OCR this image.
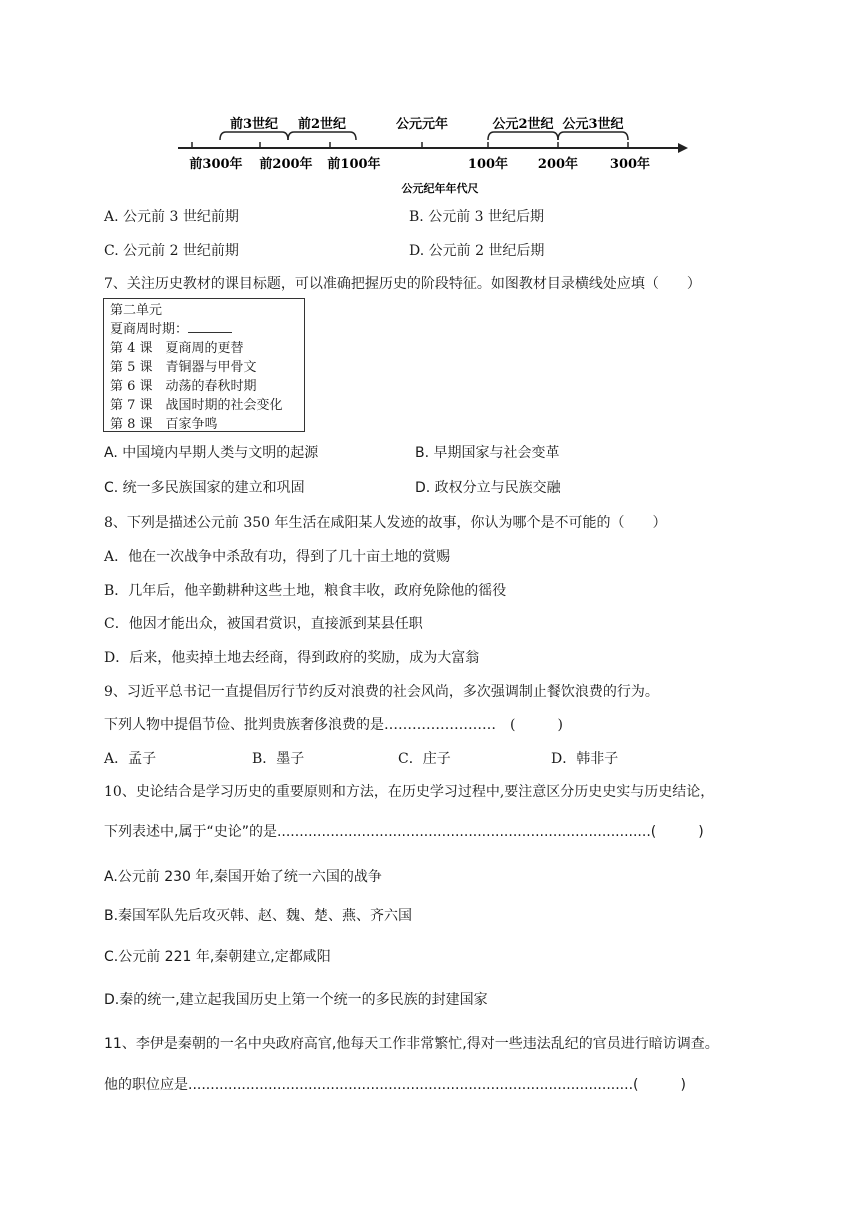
前3世纪 前2世纪	公元元年	公元2世纪 公元3世纪
前300年 前200年 前100年	100年 200年 300年
公元纪年年代尺
A. 公元前 3 世纪前期	B. 公元前 3 世纪后期
C. 公元前 2 世纪前期	D. 公元前 2 世纪后期
7、关注历史教材的课目标题，可以准确把握历史的阶段特征。如图教材目录横线处应填（　　）
第二单元
夏商周时期：
第 4 课　夏商周的更替
第 5 课　青铜器与甲骨文
第 6 课　动荡的春秋时期
第 7 课　战国时期的社会变化
第 8 课　百家争鸣
A. 中国境内早期人类与文明的起源	B. 早期国家与社会变革
C. 统一多民族国家的建立和巩固	D. 政权分立与民族交融
8、下列是描述公元前 350 年生活在咸阳某人发迹的故事，你认为哪个是不可能的（　　）
A．他在一次战争中杀敌有功，得到了几十亩土地的赏赐
B．几年后，他辛勤耕种这些土地，粮食丰收，政府免除他的徭役
C．他因才能出众，被国君赏识，直接派到某县任职
D．后来，他卖掉土地去经商，得到政府的奖励，成为大富翁
9、习近平总书记一直提倡厉行节约反对浪费的社会风尚，多次强调制止餐饮浪费的行为。
下列人物中提倡节俭、批判贵族奢侈浪费的是……………………　(　　　)
A．孟子	B．墨子	C．庄子	D．韩非子
10、史论结合是学习历史的重要原则和方法，在历史学习过程中,要注意区分历史史实与历史结论，
下列表述中,属于“史论”的是....................................................................................(　　　)
A.公元前 230 年,秦国开始了统一六国的战争
B.秦国军队先后攻灭韩、赵、魏、楚、燕、齐六国
C.公元前 221 年,秦朝建立,定都咸阳
D.秦的统一,建立起我国历史上第一个统一的多民族的封建国家
11、李伊是秦朝的一名中央政府高官,他每天工作非常繁忙,得对一些违法乱纪的官员进行暗访调查。
他的职位应是....................................................................................................(　　　)
